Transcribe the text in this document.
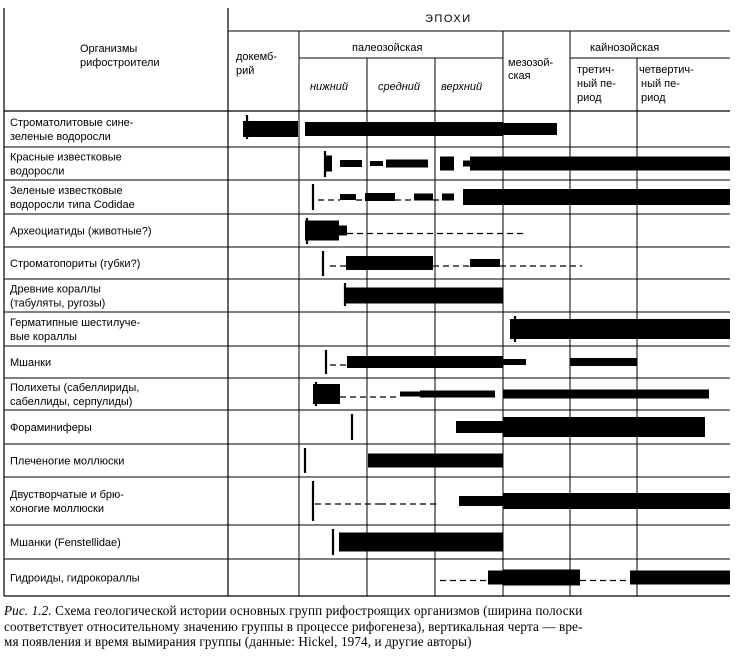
Организмы
рифостроители
ЭПОХИ
докемб-
рий
палеозойская
мезозой-
ская
кайнозойская
нижний	средний верхний
третич-
ный пе-
риод
четвертич-
ный пе-
риод
Строматолитовые сине-
зеленые водоросли
Красные известковые
водоросли
Зеленые известковые
водоросли типа Codidae
Археоциатиды (животные?)
Строматопориты (губки?)
Древние кораллы
(табуляты, ругозы)
Герматипные шестилуче-
вые кораллы
Мшанки
Полихеты (сабеллириды,
сабеллиды, серпулиды)
Фораминиферы
Плеченогие моллюски
Двустворчатые и брю-
хоногие моллюски
Мшанки (Fenstellidae)
Гидроиды, гидрокораллы
Рис. 1.2. Схема геологической истории основных групп рифостроящих организмов (ширина полоски
соответствует относительному значению группы в процессе рифогенеза), вертикальная черта — вре-
мя появления и время вымирания группы (данные: Hickel, 1974, и другие авторы)
